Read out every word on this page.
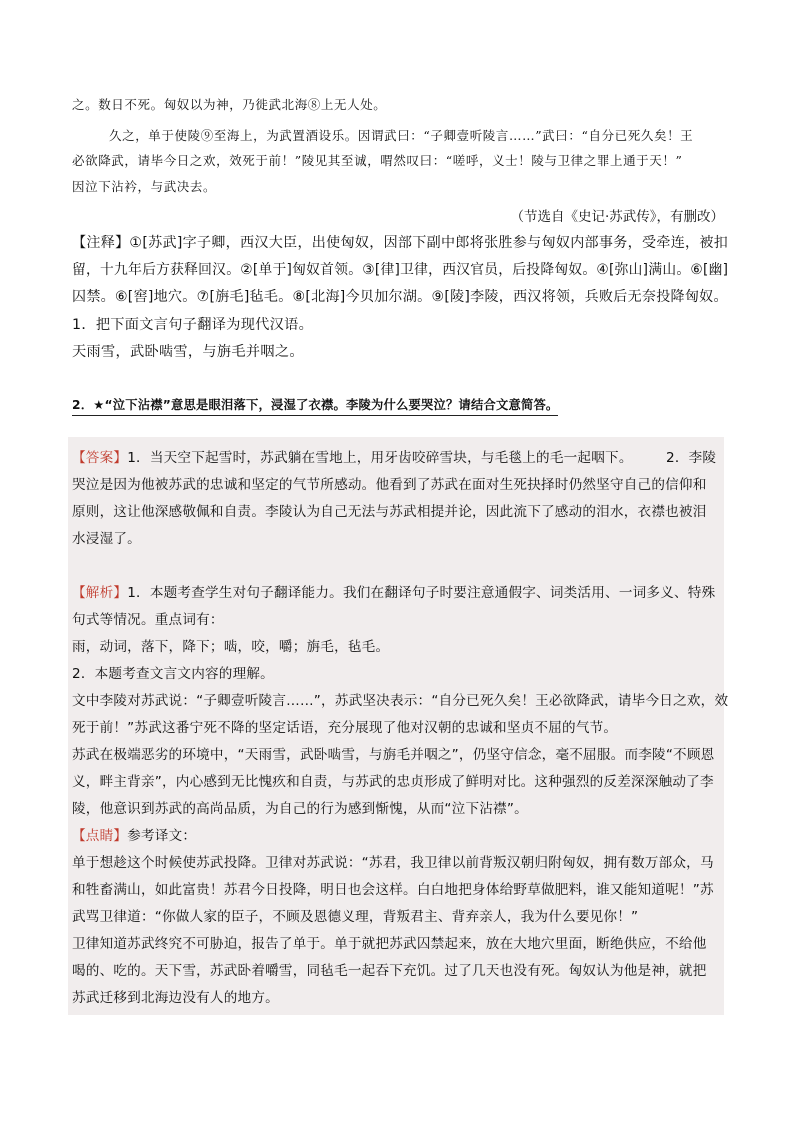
之。数日不死。匈奴以为神，乃徙武北海⑧上无人处。
久之，单于使陵⑨至海上，为武置酒设乐。因谓武曰：“子卿壹听陵言……”武曰：“自分已死久矣！王
必欲降武，请毕今日之欢，效死于前！”陵见其至诚，喟然叹曰：“嗟呼，义士！陵与卫律之罪上通于天！”
因泣下沾衿，与武决去。
（节选自《史记·苏武传》，有删改）
【注释】①[苏武]字子卿，西汉大臣，出使匈奴，因部下副中郎将张胜参与匈奴内部事务，受牵连，被扣
留，十九年后方获释回汉。②[单于]匈奴首领。③[律]卫律，西汉官员，后投降匈奴。④[弥山]满山。⑥[幽]
囚禁。⑥[窖]地穴。⑦[旃毛]毡毛。⑧[北海]今贝加尔湖。⑨[陵]李陵，西汉将领，兵败后无奈投降匈奴。
1．把下面文言句子翻译为现代汉语。
天雨雪，武卧啮雪，与旃毛并咽之。
2．★“泣下沾襟”意思是眼泪落下，浸湿了衣襟。李陵为什么要哭泣？请结合文意简答。
【答案】1．当天空下起雪时，苏武躺在雪地上，用牙齿咬碎雪块，与毛毯上的毛一起咽下。 2．李陵
哭泣是因为他被苏武的忠诚和坚定的气节所感动。他看到了苏武在面对生死抉择时仍然坚守自己的信仰和
原则，这让他深感敬佩和自责。李陵认为自己无法与苏武相提并论，因此流下了感动的泪水，衣襟也被泪
水浸湿了。
【解析】1．本题考查学生对句子翻译能力。我们在翻译句子时要注意通假字、词类活用、一词多义、特殊
句式等情况。重点词有：
雨，动词，落下，降下；啮，咬，嚼；旃毛，毡毛。
2．本题考查文言文内容的理解。
文中李陵对苏武说：“子卿壹听陵言……”，苏武坚决表示：“自分已死久矣！王必欲降武，请毕今日之欢，效
死于前！”苏武这番宁死不降的坚定话语，充分展现了他对汉朝的忠诚和坚贞不屈的气节。
苏武在极端恶劣的环境中，“天雨雪，武卧啮雪，与旃毛并咽之”，仍坚守信念，毫不屈服。而李陵“不顾恩
义，畔主背亲”，内心感到无比愧疚和自责，与苏武的忠贞形成了鲜明对比。这种强烈的反差深深触动了李
陵，他意识到苏武的高尚品质，为自己的行为感到惭愧，从而“泣下沾襟”。
【点睛】参考译文：
单于想趁这个时候使苏武投降。卫律对苏武说：“苏君，我卫律以前背叛汉朝归附匈奴，拥有数万部众，马
和牲畜满山，如此富贵！苏君今日投降，明日也会这样。白白地把身体给野草做肥料，谁又能知道呢！”苏
武骂卫律道：“你做人家的臣子，不顾及恩德义理，背叛君主、背弃亲人，我为什么要见你！”
卫律知道苏武终究不可胁迫，报告了单于。单于就把苏武囚禁起来，放在大地穴里面，断绝供应，不给他
喝的、吃的。天下雪，苏武卧着嚼雪，同毡毛一起吞下充饥。过了几天也没有死。匈奴认为他是神，就把
苏武迁移到北海边没有人的地方。
